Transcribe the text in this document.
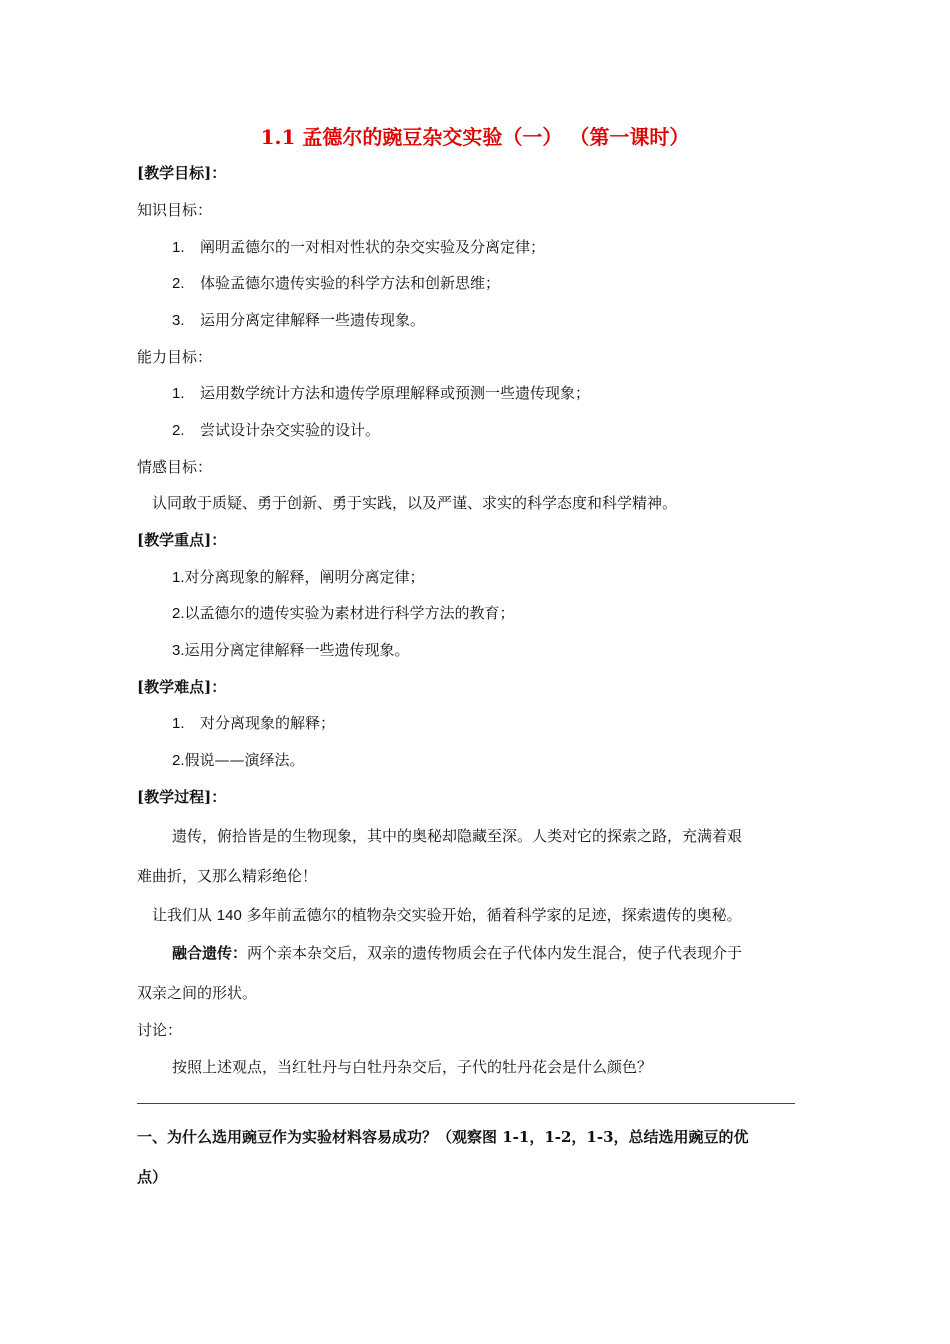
1.1 孟德尔的豌豆杂交实验（一） （第一课时）
[教学目标]：
知识目标：
1. 阐明孟德尔的一对相对性状的杂交实验及分离定律；
2. 体验孟德尔遗传实验的科学方法和创新思维；
3. 运用分离定律解释一些遗传现象。
能力目标：
1. 运用数学统计方法和遗传学原理解释或预测一些遗传现象；
2. 尝试设计杂交实验的设计。
情感目标：
认同敢于质疑、勇于创新、勇于实践，以及严谨、求实的科学态度和科学精神。
[教学重点]：
1.对分离现象的解释，阐明分离定律；
2.以孟德尔的遗传实验为素材进行科学方法的教育；
3.运用分离定律解释一些遗传现象。
[教学难点]：
1. 对分离现象的解释；
2.假说——演绎法。
[教学过程]：
遗传，俯拾皆是的生物现象，其中的奥秘却隐藏至深。人类对它的探索之路，充满着艰
难曲折，又那么精彩绝伦！
让我们从 140 多年前孟德尔的植物杂交实验开始，循着科学家的足迹，探索遗传的奥秘。
融合遗传：两个亲本杂交后，双亲的遗传物质会在子代体内发生混合，使子代表现介于
双亲之间的形状。
讨论：
按照上述观点，当红牡丹与白牡丹杂交后，子代的牡丹花会是什么颜色？
一、为什么选用豌豆作为实验材料容易成功？（观察图 1-1，1-2，1-3，总结选用豌豆的优
点）
